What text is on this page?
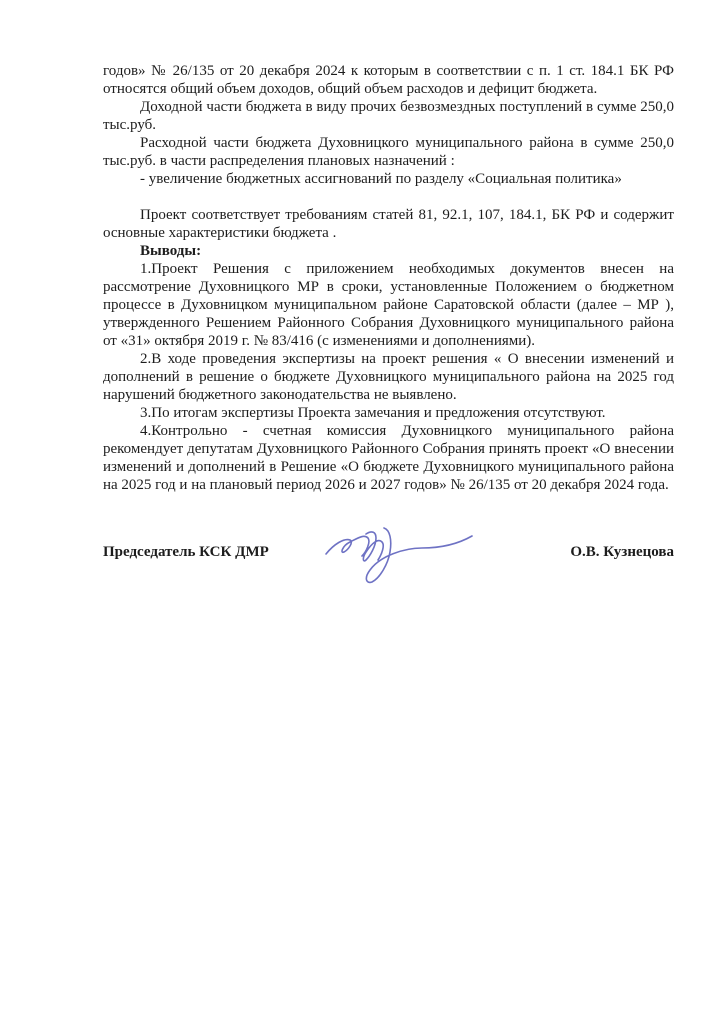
годов» № 26/135 от 20 декабря 2024 к которым в соответствии с п. 1 ст. 184.1 БК РФ относятся общий объем доходов, общий объем расходов и дефицит бюджета.

Доходной части бюджета в виду прочих безвозмездных поступлений в сумме 250,0 тыс.руб.

Расходной части бюджета Духовницкого муниципального района в сумме 250,0 тыс.руб. в части распределения плановых назначений :

- увеличение бюджетных ассигнований по разделу «Социальная политика»

Проект соответствует требованиям статей 81, 92.1, 107, 184.1, БК РФ и содержит основные характеристики бюджета .

Выводы:

1.Проект Решения с приложением необходимых документов внесен на рассмотрение Духовницкого МР в сроки, установленные Положением о бюджетном процессе в Духовницком муниципальном районе Саратовской области (далее – МР ), утвержденного Решением Районного Собрания Духовницкого муниципального района от «31» октября 2019 г. № 83/416 (с изменениями и дополнениями).

2.В ходе проведения экспертизы на проект решения « О внесении изменений и дополнений в решение о бюджете Духовницкого муниципального района на 2025 год нарушений бюджетного законодательства не выявлено.

3.По итогам экспертизы Проекта замечания и предложения отсутствуют.

4.Контрольно - счетная комиссия Духовницкого муниципального района рекомендует депутатам Духовницкого Районного Собрания принять проект «О внесении изменений и дополнений в Решение «О бюджете Духовницкого муниципального района на 2025 год и на плановый период 2026 и 2027 годов» № 26/135 от 20 декабря 2024 года.

Председатель КСК ДМР	О.В. Кузнецова
